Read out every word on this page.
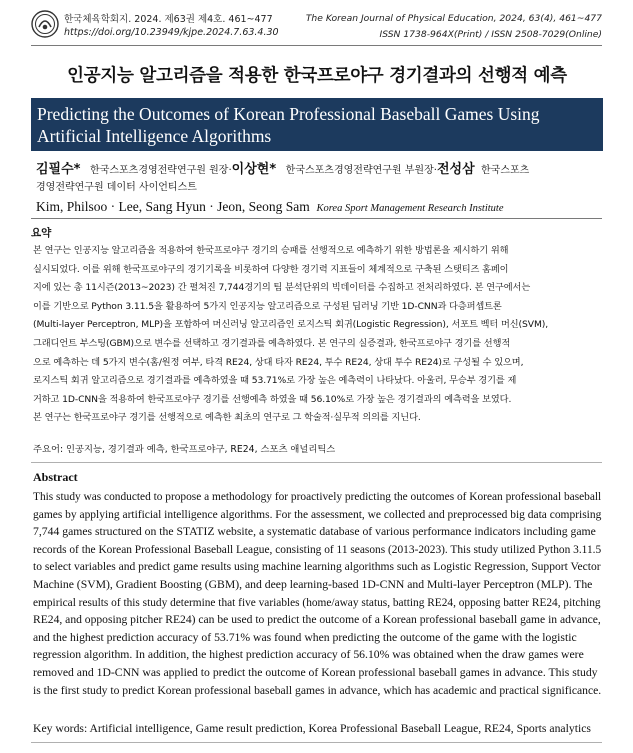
한국체육학회지. 2024. 제63권 제4호. 461~477
https://doi.org/10.23949/kjpe.2024.7.63.4.30
The Korean Journal of Physical Education, 2024, 63(4), 461~477
ISSN 1738-964X(Print) / ISSN 2508-7029(Online)
인공지능 알고리즘을 적용한 한국프로야구 경기결과의 선행적 예측
Predicting the Outcomes of Korean Professional Baseball Games Using Artificial Intelligence Algorithms
김필수* 한국스포츠경영전략연구원 원장·이상현* 한국스포츠경영전략연구원 부원장·전성삼 한국스포츠
경영전략연구원 데이터 사이언티스트
Kim, Philsoo · Lee, Sang Hyun · Jeon, Seong Sam Korea Sport Management Research Institute
요약
본 연구는 인공지능 알고리즘을 적용하여 한국프로야구 경기의 승패를 선행적으로 예측하기 위한 방법론을 제시하기 위해
실시되었다. 이를 위해 한국프로야구의 경기기록을 비롯하여 다양한 경기력 지표들이 체계적으로 구축된 스탯티즈 홈페이
지에 있는 총 11시즌(2013~2023) 간 펼쳐진 7,744경기의 팀 분석단위의 빅데이터를 수집하고 전처리하였다. 본 연구에서는
이를 기반으로 Python 3.11.5을 활용하여 5가지 인공지능 알고리즘으로 구성된 딥러닝 기반 1D-CNN과 다층퍼셉트론
(Multi-layer Perceptron, MLP)을 포함하여 머신러닝 알고리즘인 로지스틱 회귀(Logistic Regression), 서포트 벡터 머신(SVM),
그래디언트 부스팅(GBM)으로 변수를 선택하고 경기결과를 예측하였다. 본 연구의 실증결과, 한국프로야구 경기를 선행적
으로 예측하는 데 5가지 변수(홈/원정 여부, 타격 RE24, 상대 타자 RE24, 투수 RE24, 상대 투수 RE24)로 구성될 수 있으며,
로지스틱 회귀 알고리즘으로 경기결과를 예측하였을 때 53.71%로 가장 높은 예측력이 나타났다. 아울러, 무승부 경기를 제
거하고 1D-CNN을 적용하여 한국프로야구 경기를 선행예측 하였을 때 56.10%로 가장 높은 경기결과의 예측력을 보였다.
본 연구는 한국프로야구 경기를 선행적으로 예측한 최초의 연구로 그 학술적·실무적 의의를 지닌다.
주요어: 인공지능, 경기결과 예측, 한국프로야구, RE24, 스포츠 애널리틱스
Abstract
This study was conducted to propose a methodology for proactively predicting the outcomes of Korean professional baseball
games by applying artificial intelligence algorithms. For the assessment, we collected and preprocessed big data comprising
7,744 games structured on the STATIZ website, a systematic database of various performance indicators including game
records of the Korean Professional Baseball League, consisting of 11 seasons (2013-2023). This study utilized Python 3.11.5
to select variables and predict game results using machine learning algorithms such as Logistic Regression, Support Vector
Machine (SVM), Gradient Boosting (GBM), and deep learning-based 1D-CNN and Multi-layer Perceptron (MLP). The
empirical results of this study determine that five variables (home/away status, batting RE24, opposing batter RE24, pitching
RE24, and opposing pitcher RE24) can be used to predict the outcome of a Korean professional baseball game in advance,
and the highest prediction accuracy of 53.71% was found when predicting the outcome of the game with the logistic
regression algorithm. In addition, the highest prediction accuracy of 56.10% was obtained when the draw games were
removed and 1D-CNN was applied to predict the outcome of Korean professional baseball games in advance. This study
is the first study to predict Korean professional baseball games in advance, which has academic and practical significance.
Key words: Artificial intelligence, Game result prediction, Korea Professional Baseball League, RE24, Sports analytics
